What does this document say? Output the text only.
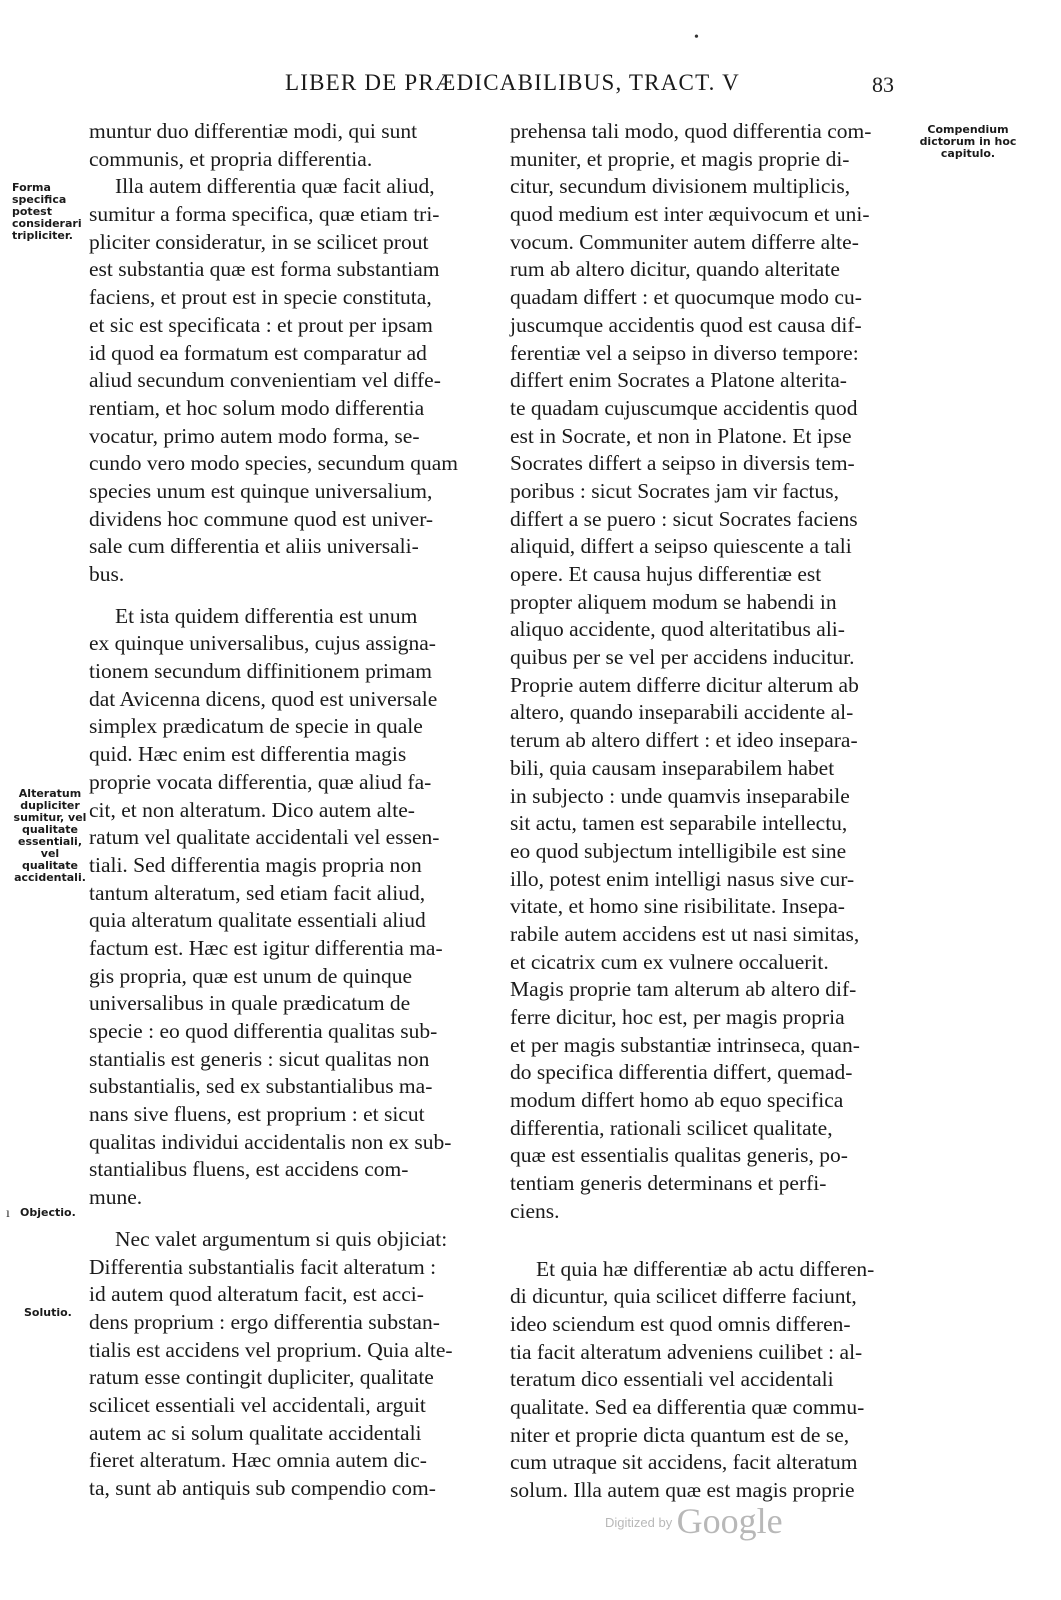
LIBER DE PRÆDICABILIBUS, TRACT. V	83
muntur duo differentiæ modi, qui sunt
communis, et propria differentia.
Illa autem differentia quæ facit aliud,
sumitur a forma specifica, quæ etiam tri-
pliciter consideratur, in se scilicet prout
est substantia quæ est forma substantiam
faciens, et prout est in specie constituta,
et sic est specificata : et prout per ipsam
id quod ea formatum est comparatur ad
aliud secundum convenientiam vel diffe-
rentiam, et hoc solum modo differentia
vocatur, primo autem modo forma, se-
cundo vero modo species, secundum quam
species unum est quinque universalium,
dividens hoc commune quod est univer-
sale cum differentia et aliis universali-
bus.
Et ista quidem differentia est unum
ex quinque universalibus, cujus assigna-
tionem secundum diffinitionem primam
dat Avicenna dicens, quod est universale
simplex prædicatum de specie in quale
quid. Hæc enim est differentia magis
proprie vocata differentia, quæ aliud fa-
cit, et non alteratum. Dico autem alte-
ratum vel qualitate accidentali vel essen-
tiali. Sed differentia magis propria non
tantum alteratum, sed etiam facit aliud,
quia alteratum qualitate essentiali aliud
factum est. Hæc est igitur differentia ma-
gis propria, quæ est unum de quinque
universalibus in quale prædicatum de
specie : eo quod differentia qualitas sub-
stantialis est generis : sicut qualitas non
substantialis, sed ex substantialibus ma-
nans sive fluens, est proprium : et sicut
qualitas individui accidentalis non ex sub-
stantialibus fluens, est accidens com-
mune.
Nec valet argumentum si quis objiciat:
Differentia substantialis facit alteratum :
id autem quod alteratum facit, est acci-
dens proprium : ergo differentia substan-
tialis est accidens vel proprium. Quia alte-
ratum esse contingit dupliciter, qualitate
scilicet essentiali vel accidentali, arguit
autem ac si solum qualitate accidentali
fieret alteratum. Hæc omnia autem dic-
ta, sunt ab antiquis sub compendio com-
prehensa tali modo, quod differentia com-
muniter, et proprie, et magis proprie di-
citur, secundum divisionem multiplicis,
quod medium est inter æquivocum et uni-
vocum. Communiter autem differre alte-
rum ab altero dicitur, quando alteritate
quadam differt : et quocumque modo cu-
juscumque accidentis quod est causa dif-
ferentiæ vel a seipso in diverso tempore:
differt enim Socrates a Platone alterita-
te quadam cujuscumque accidentis quod
est in Socrate, et non in Platone. Et ipse
Socrates differt a seipso in diversis tem-
poribus : sicut Socrates jam vir factus,
differt a se puero : sicut Socrates faciens
aliquid, differt a seipso quiescente a tali
opere. Et causa hujus differentiæ est
propter aliquem modum se habendi in
aliquo accidente, quod alteritatibus ali-
quibus per se vel per accidens inducitur.
Proprie autem differre dicitur alterum ab
altero, quando inseparabili accidente al-
terum ab altero differt : et ideo insepara-
bili, quia causam inseparabilem habet
in subjecto : unde quamvis inseparabile
sit actu, tamen est separabile intellectu,
eo quod subjectum intelligibile est sine
illo, potest enim intelligi nasus sive cur-
vitate, et homo sine risibilitate. Insepa-
rabile autem accidens est ut nasi simitas,
et cicatrix cum ex vulnere occaluerit.
Magis proprie tam alterum ab altero dif-
ferre dicitur, hoc est, per magis propria
et per magis substantiæ intrinseca, quan-
do specifica differentia differt, quemad-
modum differt homo ab equo specifica
differentia, rationali scilicet qualitate,
quæ est essentialis qualitas generis, po-
tentiam generis determinans et perfi-
ciens.
Et quia hæ differentiæ ab actu differen-
di dicuntur, quia scilicet differre faciunt,
ideo sciendum est quod omnis differen-
tia facit alteratum adveniens cuilibet : al-
teratum dico essentiali vel accidentali
qualitate. Sed ea differentia quæ commu-
niter et proprie dicta quantum est de se,
cum utraque sit accidens, facit alteratum
solum. Illa autem quæ est magis proprie
Forma specifica potest considerari tripliciter.
Alteratum dupliciter sumitur, vel qualitate essentiali, vel qualitate accidentali.
Objectio.
Solutio.
Compendium dictorum in hoc capitulo.
•
ı
$^{Digitized by}$ Google
